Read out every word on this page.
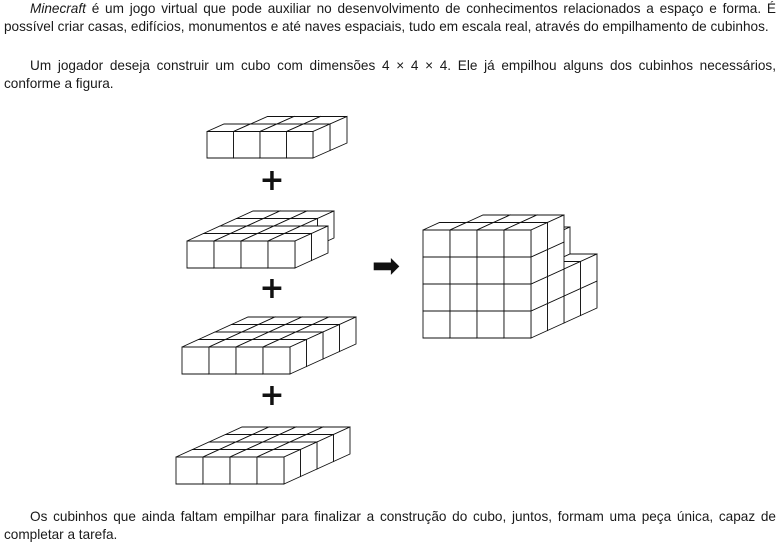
Minecraft é um jogo virtual que pode auxiliar no desenvolvimento de conhecimentos relacionados a espaço e forma. É possível criar casas, edifícios, monumentos e até naves espaciais, tudo em escala real, através do empilhamento de cubinhos.

Um jogador deseja construir um cubo com dimensões 4 × 4 × 4. Ele já empilhou alguns dos cubinhos necessários, conforme a figura.

+
+
+
➡

Os cubinhos que ainda faltam empilhar para finalizar a construção do cubo, juntos, formam uma peça única, capaz de completar a tarefa.
